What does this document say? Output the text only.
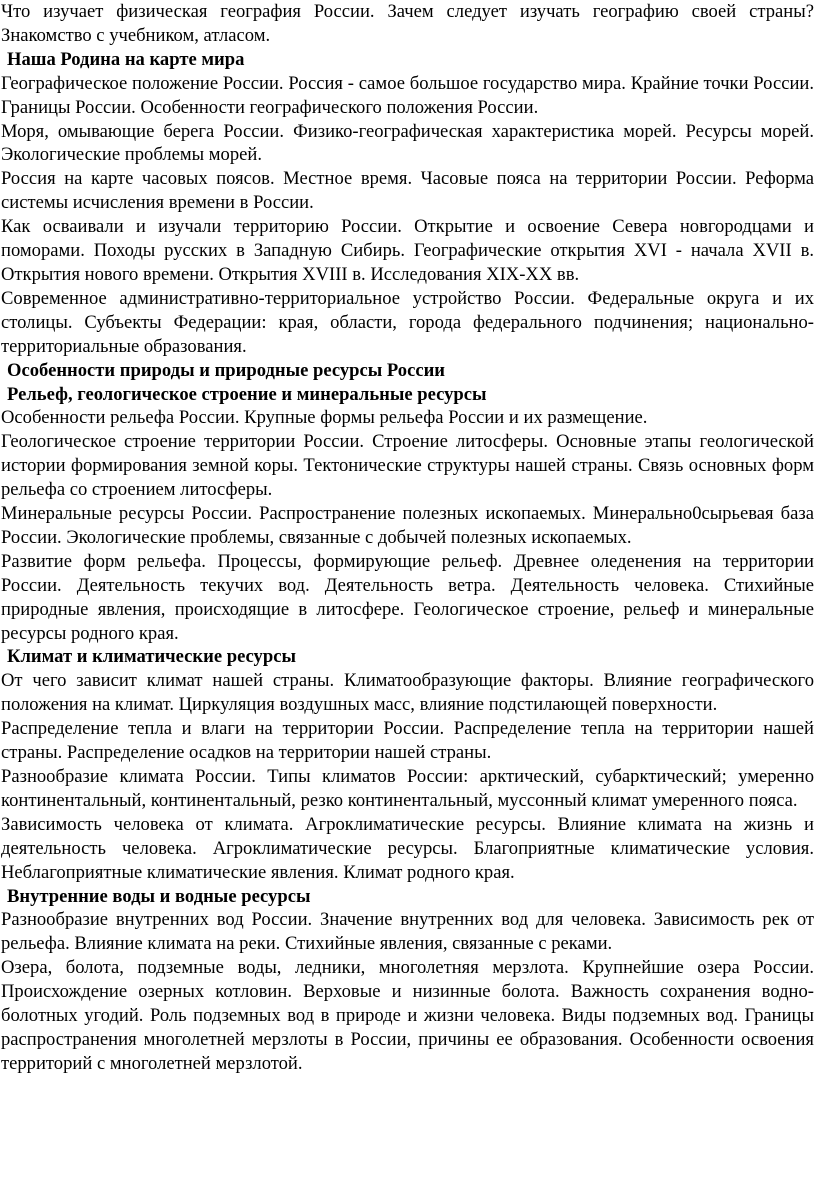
Что изучает физическая география России. Зачем следует изучать географию своей страны? Знакомство с учебником, атласом.

Наша Родина на карте мира

Географическое положение России. Россия - самое большое государство мира. Крайние точки России. Границы России. Особенности географического положения России.

Моря, омывающие берега России. Физико-географическая характеристика морей. Ресурсы морей. Экологические проблемы морей.

Россия на карте часовых поясов. Местное время. Часовые пояса на территории России. Реформа системы исчисления времени в России.

Как осваивали и изучали территорию России. Открытие и освоение Севера новгородцами и поморами. Походы русских в Западную Сибирь. Географические открытия XVI - начала XVII в. Открытия нового времени. Открытия XVIII в. Исследования XIX-XX вв.

Современное административно-территориальное устройство России. Федеральные округа и их столицы. Субъекты Федерации: края, области, города федерального подчинения; национально-территориальные образования.

Особенности природы и природные ресурсы России

Рельеф, геологическое строение и минеральные ресурсы

Особенности рельефа России. Крупные формы рельефа России и их размещение.

Геологическое строение территории России. Строение литосферы. Основные этапы геологической истории формирования земной коры. Тектонические структуры нашей страны. Связь основных форм рельефа со строением литосферы.

Минеральные ресурсы России. Распространение полезных ископаемых. Минерально0сырьевая база России. Экологические проблемы, связанные с добычей полезных ископаемых.

Развитие форм рельефа. Процессы, формирующие рельеф. Древнее оледенения на территории России. Деятельность текучих вод. Деятельность ветра. Деятельность человека. Стихийные природные явления, происходящие в литосфере. Геологическое строение, рельеф и минеральные ресурсы родного края.

Климат и климатические ресурсы

От чего зависит климат нашей страны. Климатообразующие факторы. Влияние географического положения на климат. Циркуляция воздушных масс, влияние подстилающей поверхности.

Распределение тепла и влаги на территории России. Распределение тепла на территории нашей страны. Распределение осадков на территории нашей страны.

Разнообразие климата России. Типы климатов России: арктический, субарктический; умеренно континентальный, континентальный, резко континентальный, муссонный климат умеренного пояса.

Зависимость человека от климата. Агроклиматические ресурсы. Влияние климата на жизнь и деятельность человека. Агроклиматические ресурсы. Благоприятные климатические условия. Неблагоприятные климатические явления. Климат родного края.

Внутренние воды и водные ресурсы

Разнообразие внутренних вод России. Значение внутренних вод для человека. Зависимость рек от рельефа. Влияние климата на реки. Стихийные явления, связанные с реками.

Озера, болота, подземные воды, ледники, многолетняя мерзлота. Крупнейшие озера России. Происхождение озерных котловин. Верховые и низинные болота. Важность сохранения водно-болотных угодий. Роль подземных вод в природе и жизни человека. Виды подземных вод. Границы распространения многолетней мерзлоты в России, причины ее образования. Особенности освоения территорий с многолетней мерзлотой.
